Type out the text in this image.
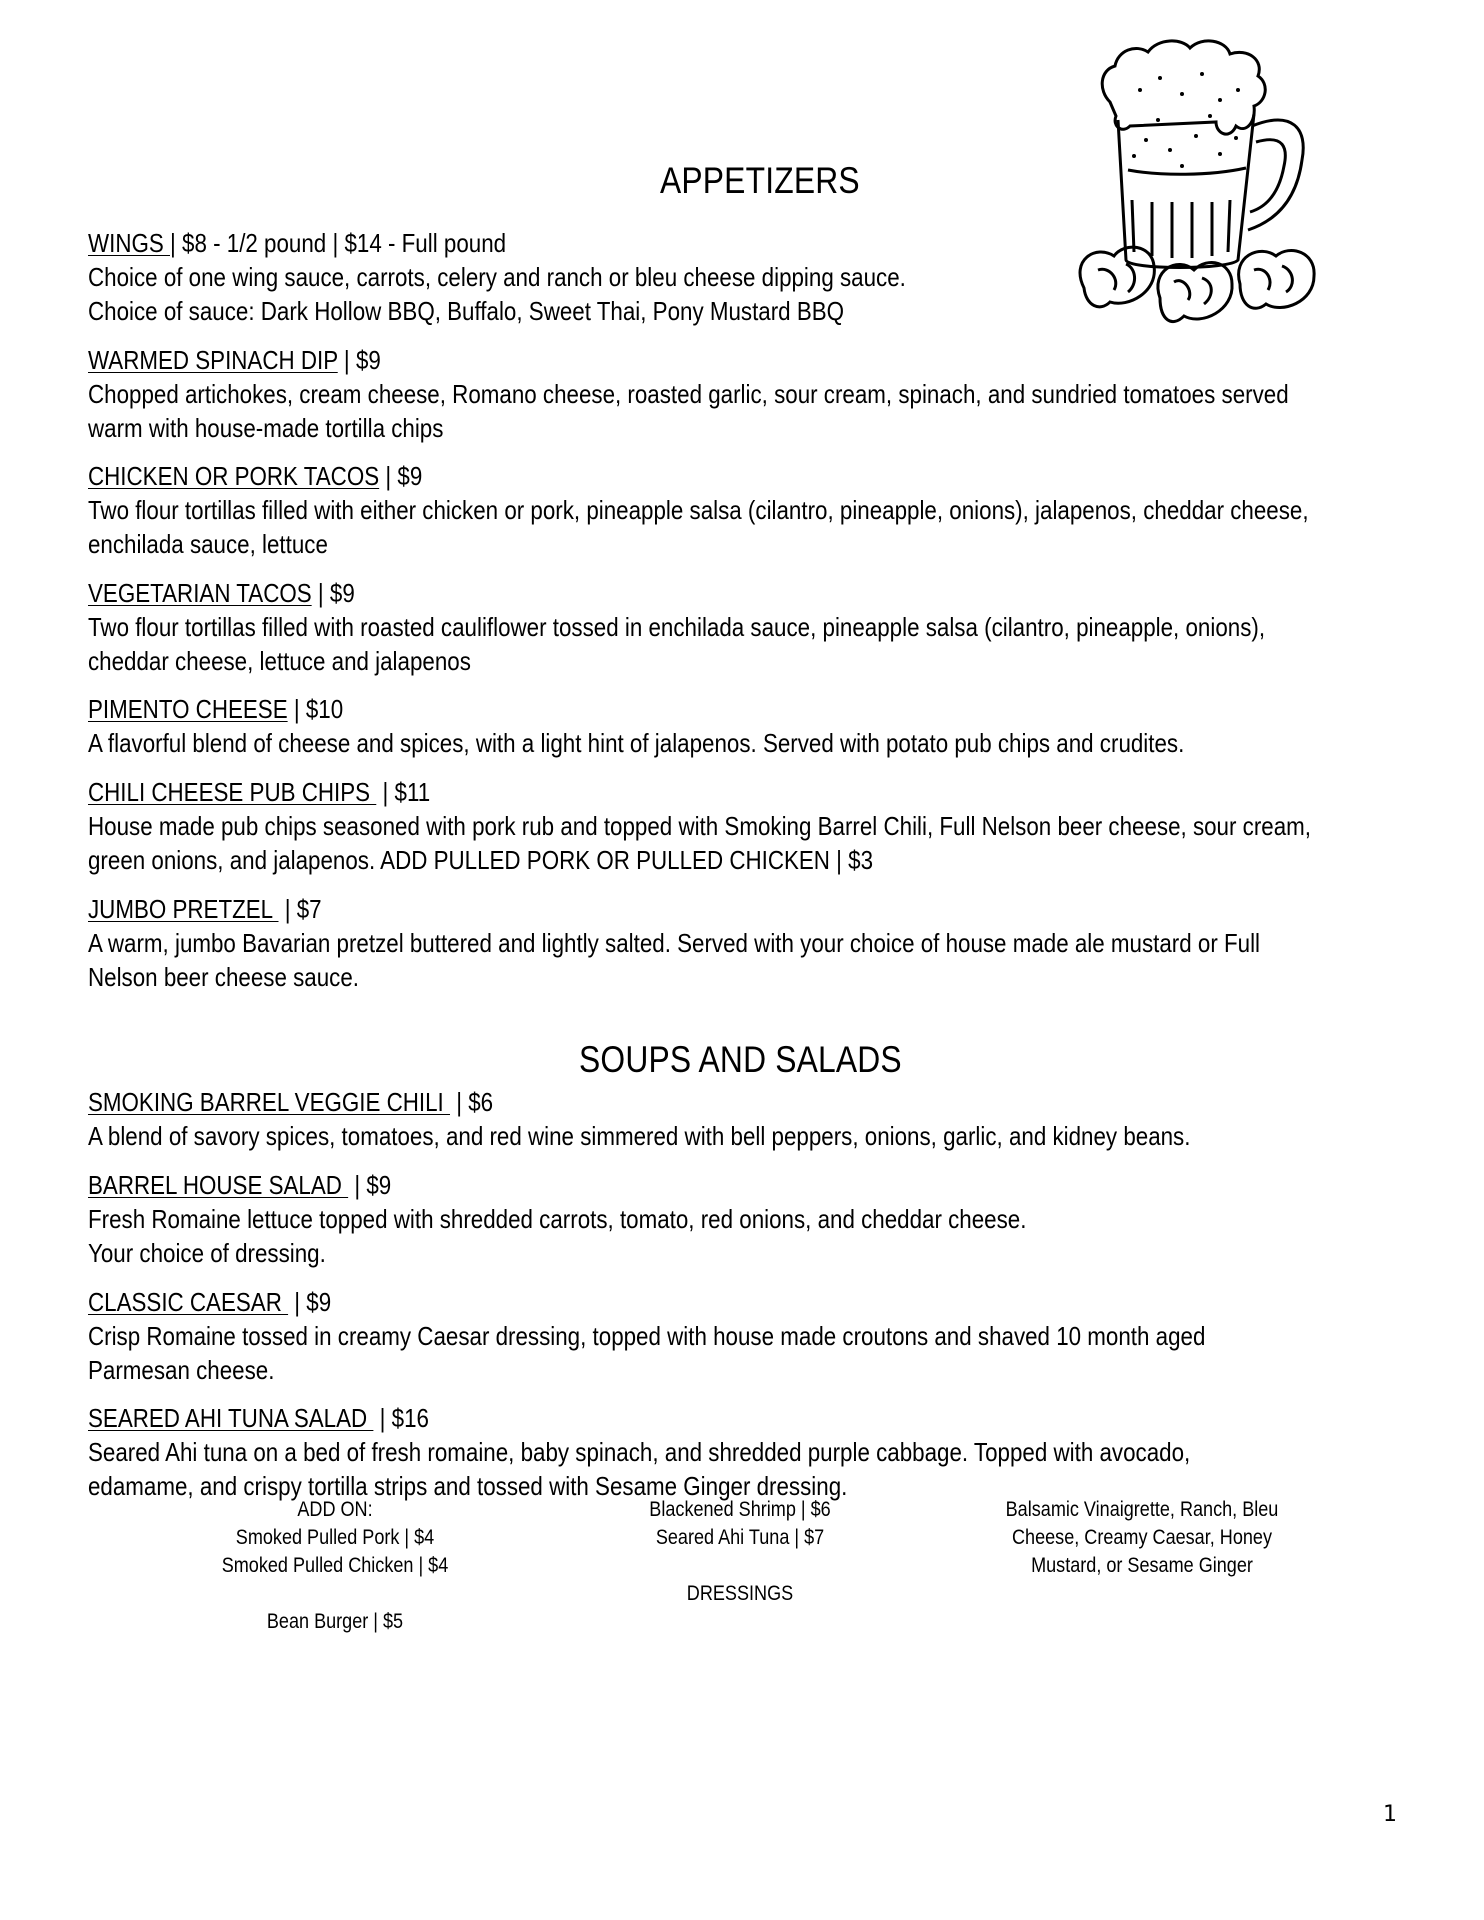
APPETIZERS
WINGS | $8 - 1/2 pound | $14 - Full pound
Choice of one wing sauce, carrots, celery and ranch or bleu cheese dipping sauce.
Choice of sauce: Dark Hollow BBQ, Buffalo, Sweet Thai, Pony Mustard BBQ
WARMED SPINACH DIP | $9
Chopped artichokes, cream cheese, Romano cheese, roasted garlic, sour cream, spinach, and sundried tomatoes served
warm with house-made tortilla chips
CHICKEN OR PORK TACOS | $9
Two flour tortillas filled with either chicken or pork, pineapple salsa (cilantro, pineapple, onions), jalapenos, cheddar cheese,
enchilada sauce, lettuce
VEGETARIAN TACOS | $9
Two flour tortillas filled with roasted cauliflower tossed in enchilada sauce, pineapple salsa (cilantro, pineapple, onions),
cheddar cheese, lettuce and jalapenos
PIMENTO CHEESE | $10
A flavorful blend of cheese and spices, with a light hint of jalapenos. Served with potato pub chips and crudites.
CHILI CHEESE PUB CHIPS  | $11
House made pub chips seasoned with pork rub and topped with Smoking Barrel Chili, Full Nelson beer cheese, sour cream,
green onions, and jalapenos. ADD PULLED PORK OR PULLED CHICKEN | $3
JUMBO PRETZEL  | $7
A warm, jumbo Bavarian pretzel buttered and lightly salted. Served with your choice of house made ale mustard or Full
Nelson beer cheese sauce.
SOUPS AND SALADS
SMOKING BARREL VEGGIE CHILI  | $6
A blend of savory spices, tomatoes, and red wine simmered with bell peppers, onions, garlic, and kidney beans.
BARREL HOUSE SALAD  | $9
Fresh Romaine lettuce topped with shredded carrots, tomato, red onions, and cheddar cheese.
Your choice of dressing.
CLASSIC CAESAR  | $9
Crisp Romaine tossed in creamy Caesar dressing, topped with house made croutons and shaved 10 month aged
Parmesan cheese.
SEARED AHI TUNA SALAD  | $16
Seared Ahi tuna on a bed of fresh romaine, baby spinach, and shredded purple cabbage. Topped with avocado,
edamame, and crispy tortilla strips and tossed with Sesame Ginger dressing.
ADD ON:
Smoked Pulled Pork | $4
Smoked Pulled Chicken | $4
Bean Burger | $5
Blackened Shrimp | $6
Seared Ahi Tuna | $7
DRESSINGS
Balsamic Vinaigrette, Ranch, Bleu
Cheese, Creamy Caesar, Honey
Mustard, or Sesame Ginger
1
